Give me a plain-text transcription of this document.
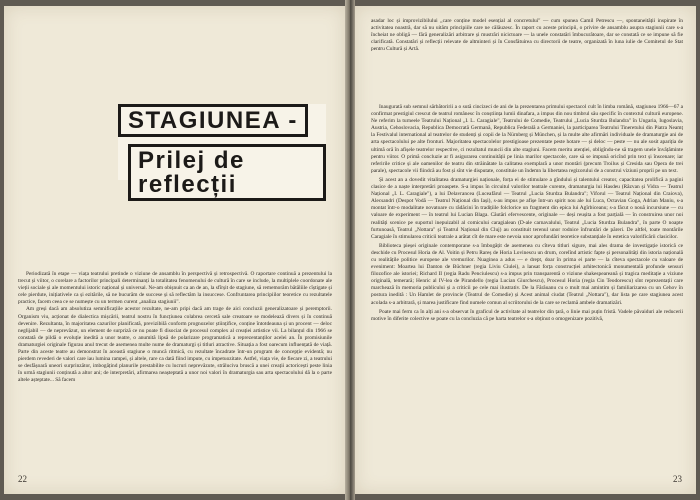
STAGIUNEA -
Prilej de reflecții

Periodizată în etape — viața teatrului pretinde o viziune de ansamblu în perspectivă și retrospectivă. O raportare continuă a prezentului la trecut și viitor, o corelare a factorilor principali determinanți la totalitatea fenomenului de cultură în care se include, la multiplele coordonate ale vieții sociale și ale momentului istoric național și universal. Ne-am obișnuit ca an de an, la sfîrșit de stagiune, să rememorăm bătăliile cîștigate și cele pierdute, inițiativele ca și ezitările, să ne bucurăm de succese și să reflectăm la insuccese. Confruntarea principiilor teoretice cu rezultatele practice, facem ceea ce se numește cu un termen curent „analiza stagiunii".

Am greși dacă am absolutiza semnificațiile acestor rezultate, ne-am pripi dacă am trage de aici concluzii generalizatoare și peremptorii. Organism viu, acționat de dialectica mișcării, teatrul nostru în funcțiunea colabrea cercetă sale creatoare se modelează divers și în continuă devenire. Rezultanta, în majoritatea cazurilor planificată, previzibilă conform prognozelor științifice, conține întotdeauna și un procent — deloc neglijabil — de neprevăzut, un element de surpriză ce nu poate fi disociat de procesul complex al creației artistice vii. La bilanțul din 1966 se constată de pildă o evoluție inedită a unor teatre, o anumită lipsă de polarizare programatică a reprezentanților acelei an. În promisiunile dramaturgiei originale figurau anul trecut de asemenea multe nume de dramaturgi și titluri atractive. Situația a fost oarecum influențată de viață. Parte din aceste teatre au demonstrat în această stagiune o muncă ritmică, cu rezultate încadrate într-un program de concepție evidentă; nu pierdem revederi de valori care iau lumina rampei, și altele, rare ca dată fiind impute, cu impetuozitate. Astfel, viața vie, de fiecare zi, a teatrului se desfășoară uneori surprinzător, imbogățind planurile prestabilite cu lucruri neprevăzute, străluciva bruscă a unei creații actoricești peste linia în urmă stagiunii conținută a altor ani; de interpretări, afirmarea neașteptată a unor noi valori în dramaturgia sau arta spectacolului dă la o parte altele așteptate... Să facem

22

asadar loc și improvizibilului „care conține model esențial al concretului" — cum spunea Camil Petrescu —, spontaneității inspirate în activitatea noastră, dar să nu uităm principiile care ne călăuzesc. În raport cu aceste principii, o privire de ansamblu asupra stagiunii care s-a încheiat ne obligă — fără generalizări arbitrare și mustrări nicictoare — la unele constatări îmbucurătoare, dar se constată ce se impune să fie clarificată. Constatări și reflecții relevate de altminteri și în Consfătuirea cu directorii de teatre, organizată în luna iulie de Comitetul de Stat pentru Cultură și Artă.

Inaugurată sub semnul sărbătoririi a o sută cincizeci de ani de la prezentarea primului spectacol cult în limba română, stagiunea 1966—67 a confirmat prestigiul crescut de teatrul românesc în conștiința lumii dinafara, a impus din nou timbrul său specific în contextul culturii europene. Ne referim la turneele Teatrului Național „I. L. Caragiale", Teatrului de Comedie, Teatrului „Lucia Sturdza Bulandra" în Ungaria, Iugoslavia, Austria, Cehoslovacia, Republica Democrată Germană, Republica Federală a Germaniei, la participarea Teatrului Tineretului din Piatra Neamț la Festivalul international al teatrelor de studenți și copii de la Nürnberg și München, și la multe alte afirmări individuale de dramaturgie ani de arta spectacolului pe alte fronturi. Majoritatea spectacolelor prestigioase prezentate peste hotare — și deloc — peste — nu ale sosit apariția de ultimă oră în afișele teatrelor respective, ci rezultatul muncii din alte stagiuni. Facem meritu atenției, obligîndu-ne să tragem unele învățăminte pentru viitor. O primă concluzie ar fi asigurarea continuității pe linia marilor spectacole, care să se impună oricînd prin text și înscenare; iar referirile critice și ale oamenilor de teatru din străinătate la calitatea exemplară a unor montări (precum Troilus și Cresida sau Opera de trei parale), spectacole vii fiindcă au fost și sînt vie disputate, constituie un îndemn la libertatea regizorului de a construi viziuni proprii pe un text.

Și acest an a dovedit vitalitatea dramaturgiei naționale, forța ei de stimulare a gîndului și talentului creator, capacitatea prolifică a pagini clasice de a naște interpretări proaspete. S-a impus în circuitul valorilor teatrale curente, dramaturgia lui Hasdeu (Răzvan și Vidra — Teatrul Național „I. L. Caragiale"), a lui Delavrancea (Luceafărul — Teatrul „Lucia Sturdza Bulandra"; Viforul — Teatrul Național din Craiova), Alecsandri (Despot Vodă — Teatrul Național din Iași), s-au impus pe afișe într-un spirit nou ale lui Luca, Octavian Goga, Adrian Maniu, s-a montat într-o modalitate novatoare cu rădăcini în tradițiile folclorice un fragment din epica lui Agîrbiceanu; s-a făcut o nouă incursiune — cu valoare de experiment — în teatrul lui Lucian Blaga. Căutări efervescente, originale — deși reușita a fost parțială — în construirea unor noi realități scenice pe suportul inepuizabil al comicului caragialean (D-ale carnavalului, Teatrul „Lucia Sturdza Bulandra", în parte O noapte furtunoasă, Teatrul „Nottara" și Teatrul Național din Cluj) au constituit terenul unor rodnice înfruntări de păreri. De altfel, toate montările Caragiale în stimularea criticii teatrale a arătat cît de mare este nevoia unor aprofundări teoretice substanțiale în estetica valorificării clasicilor.

Biblioteca pieșei originale contemporane s-a îmbogățit de asemenea cu cîteva titluri sigure, mai ales drama de investigație istorică ce deschide cu Procesul Horia de Al. Voitin și Petru Rareș de Horia Lovinescu un drum, corelînd artistic fapte și personalități din istoria națională cu realitățile politice europene ale vremurilor. Nuaginea a adus — e drept, doar în prima ei parte — la cîteva spectacole cu valoare de eveniment: Moartea lui Danton de Büchner (regia Liviu Ciulei), a lansat forța construcției arhitectonică monumentală profunde sensuri filozofice ale istoriei; Richard II (regia Radu Penciulescu) s-a impus prin transparentă o viziune shakespeareană și tragica meditație a viziune originală, temerară; Henric al IV-lea de Pirandello (regia Lucian Giurchescu), Procesul Horia (regia Cin Teodorescu) sînt reprezentații care marchează în memoria publicului și a criticii pe cele mai ilustrativ. De la Fărăuanu cu o mult mai amintim și familiarizarea cu un Cehov în postura inedită : Un Hamlet de provincie (Teatrul de Comedie) și Acest animal ciudat (Teatrul „Nottara"), dar lista pe care stagiunea acest acolada s-a arbitrară, și marea justificare find numele comun al scriitorului de la care se reclamă ambele dramatizări.

Poate mai ferm ca în alți ani s-a observat în graficul de activitate al teatrelor din țară, o linie mai puțin fristă. Vadele păvaiduri ale reducerii motive în diferite colective se poate cu la concluzia că pe harta teatrelor s-a obținut o omogenizare pozitivă,

23
